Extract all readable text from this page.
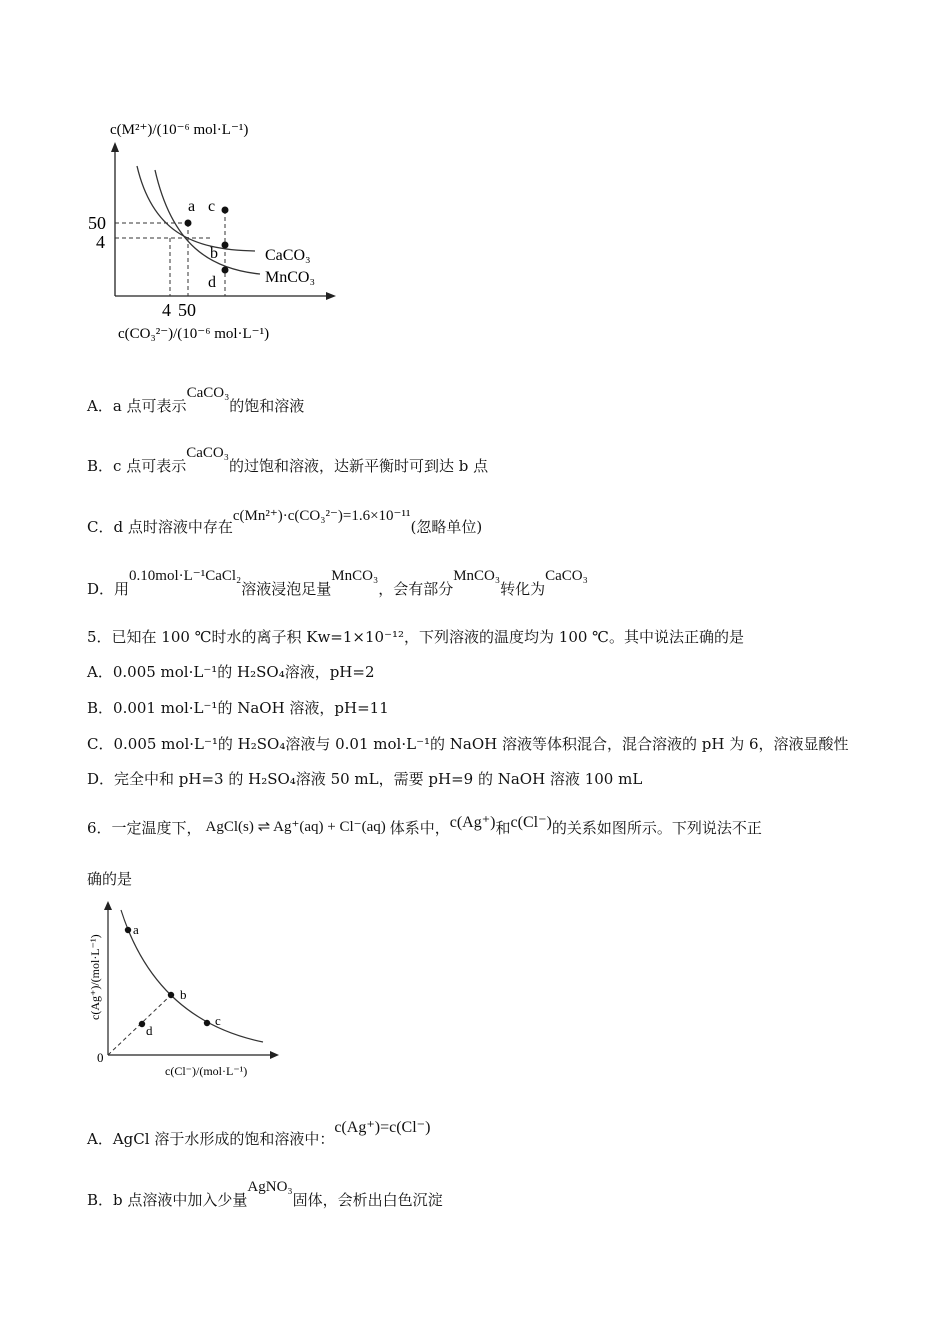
c(M²⁺)/(10⁻⁶ mol·L⁻¹)
a c
b
d
CaCO₃
MnCO₃
50
4
4 50
c(CO₃²⁻)/(10⁻⁶ mol·L⁻¹)
A．a 点可表示CaCO₃的饱和溶液
B．c 点可表示CaCO₃的过饱和溶液，达新平衡时可到达 b 点
C．d 点时溶液中存在c(Mn²⁺)·c(CO₃²⁻)=1.6×10⁻¹¹(忽略单位)
D．用0.10mol·L⁻¹CaCl₂溶液浸泡足量MnCO₃，会有部分MnCO₃转化为CaCO₃
5．已知在 100 ℃时水的离子积 Kw=1×10⁻¹²，下列溶液的温度均为 100 ℃。其中说法正确的是
A．0.005 mol·L⁻¹的 H₂SO₄溶液，pH=2
B．0.001 mol·L⁻¹的 NaOH 溶液，pH=11
C．0.005 mol·L⁻¹的 H₂SO₄溶液与 0.01 mol·L⁻¹的 NaOH 溶液等体积混合，混合溶液的 pH 为 6，溶液显酸性
D．完全中和 pH=3 的 H₂SO₄溶液 50 mL，需要 pH=9 的 NaOH 溶液 100 mL
6．一定温度下， AgCl(s) ⇌ Ag⁺(aq) + Cl⁻(aq) 体系中，c(Ag⁺)和c(Cl⁻)的关系如图所示。下列说法不正
确的是
a
b
c
d
0
c(Ag⁺)/(mol·L⁻¹)
c(Cl⁻)/(mol·L⁻¹)
A．AgCl 溶于水形成的饱和溶液中：c(Ag⁺)=c(Cl⁻)
B．b 点溶液中加入少量AgNO₃固体，会析出白色沉淀
